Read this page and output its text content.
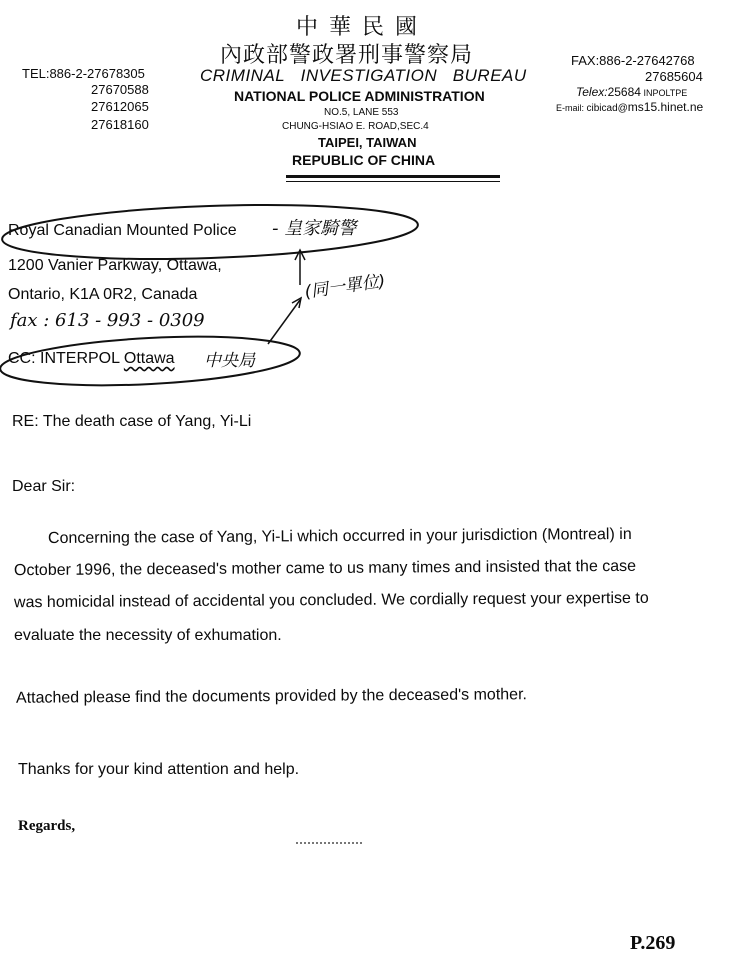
中 華 民 國
內政部警政署刑事警察局
CRIMINAL   INVESTIGATION   BUREAU
NATIONAL POLICE ADMINISTRATION
NO.5, LANE 553
CHUNG-HSIAO E. ROAD,SEC.4
TAIPEI, TAIWAN
REPUBLIC OF CHINA
TEL:886-2-27678305
27670588
27612065
27618160
FAX:886-2-27642768
27685604
Telex:25684 INPOLTPE
E-mail: cibicad@ms15.hinet.ne
Royal Canadian Mounted Police - 皇家騎警
1200 Vanier Parkway, Ottawa,
Ontario, K1A 0R2, Canada
fax : 613 - 993 - 0309
(同一單位)
CC: INTERPOL Ottawa 中央局
RE: The death case of Yang, Yi-Li
Dear Sir:
Concerning the case of Yang, Yi-Li which occurred in your jurisdiction (Montreal) in
October 1996, the deceased's mother came to us many times and insisted that the case
was homicidal instead of accidental you concluded. We cordially request your expertise to
evaluate the necessity of exhumation.
Attached please find the documents provided by the deceased's mother.
Thanks for your kind attention and help.
Regards,
P.269
